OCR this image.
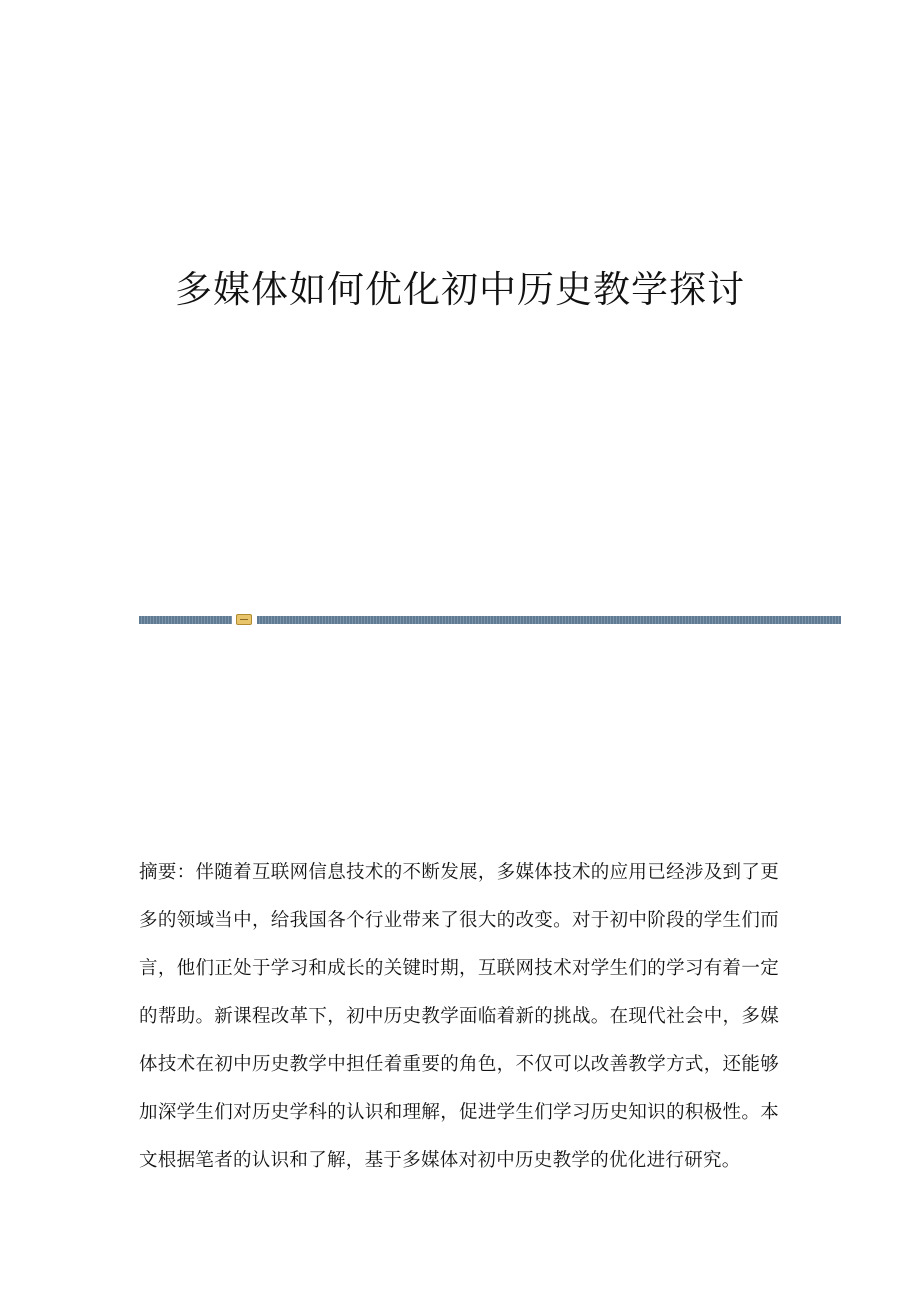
多媒体如何优化初中历史教学探讨

摘要：伴随着互联网信息技术的不断发展，多媒体技术的应用已经涉及到了更多的领域当中，给我国各个行业带来了很大的改变。对于初中阶段的学生们而言，他们正处于学习和成长的关键时期，互联网技术对学生们的学习有着一定的帮助。新课程改革下，初中历史教学面临着新的挑战。在现代社会中，多媒体技术在初中历史教学中担任着重要的角色，不仅可以改善教学方式，还能够加深学生们对历史学科的认识和理解，促进学生们学习历史知识的积极性。本文根据笔者的认识和了解，基于多媒体对初中历史教学的优化进行研究。
